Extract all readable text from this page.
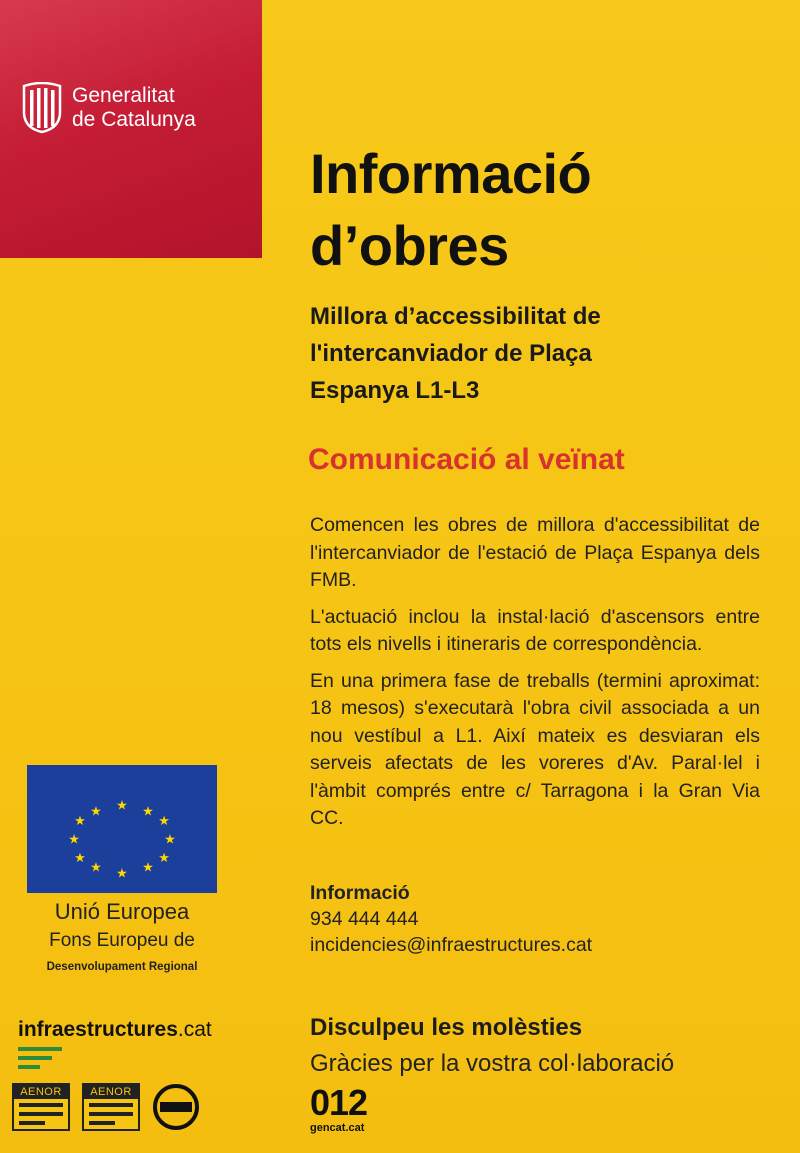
Generalitat
de Catalunya
Informació
d’obres
Millora d’accessibilitat de
l'intercanviador de Plaça
Espanya L1-L3
Comunicació al veïnat

Comencen les obres de millora d'accessibilitat de l'intercanviador de l'estació de Plaça Espanya dels FMB.

L'actuació inclou la instal·lació d'ascensors entre tots els nivells i itineraris de correspondència.

En una primera fase de treballs (termini aproximat: 18 mesos) s'executarà l'obra civil associada a un nou vestíbul a L1. Així mateix es desviaran els serveis afectats de les voreres d'Av. Paral·lel i l'àmbit comprés entre c/ Tarragona i la Gran Via CC.

Informació
934 444 444
incidencies@infraestructures.cat
Disculpeu les molèsties
Gràcies per la vostra col·laboració
012
gencat.cat
★
★
★
★
★
★
★
★
★
★
★ ★
Unió Europea
Fons Europeu de
Desenvolupament Regional
infraestructures.cat
AENOR	AENOR
